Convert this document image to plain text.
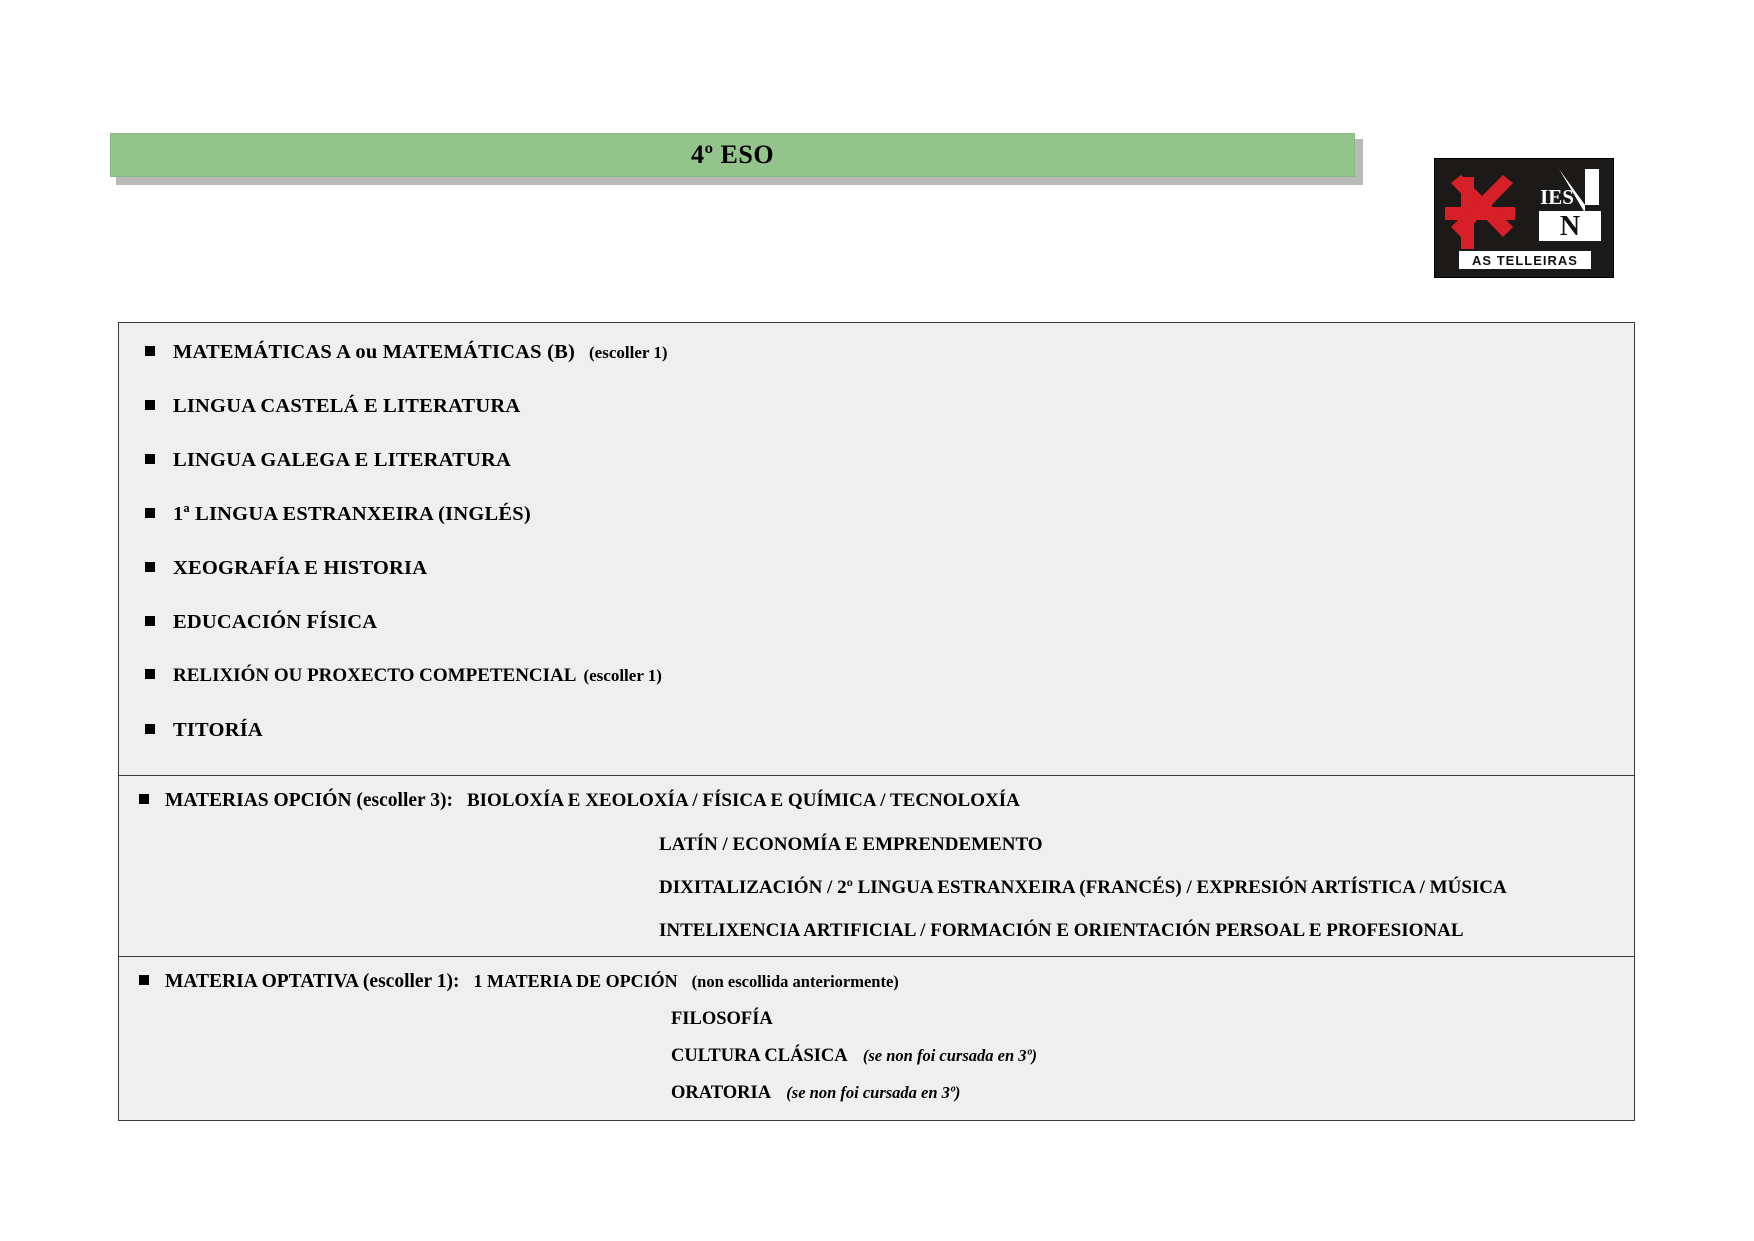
4º ESO
N
IES
AS TELLEIRAS
MATEMÁTICAS A ou MATEMÁTICAS (B) (escoller 1)
LINGUA CASTELÁ E LITERATURA
LINGUA GALEGA E LITERATURA
1ª LINGUA ESTRANXEIRA (INGLÉS)
XEOGRAFÍA E HISTORIA
EDUCACIÓN FÍSICA
RELIXIÓN OU PROXECTO COMPETENCIAL (escoller 1)
TITORÍA
MATERIAS OPCIÓN (escoller 3): BIOLOXÍA E XEOLOXÍA / FÍSICA E QUÍMICA / TECNOLOXÍA
LATÍN / ECONOMÍA E EMPRENDEMENTO
DIXITALIZACIÓN / 2º LINGUA ESTRANXEIRA (FRANCÉS) / EXPRESIÓN ARTÍSTICA / MÚSICA
INTELIXENCIA ARTIFICIAL / FORMACIÓN E ORIENTACIÓN PERSOAL E PROFESIONAL
MATERIA OPTATIVA (escoller 1): 1 MATERIA DE OPCIÓN (non escollida anteriormente)
FILOSOFÍA
CULTURA CLÁSICA (se non foi cursada en 3º)
ORATORIA (se non foi cursada en 3º)
